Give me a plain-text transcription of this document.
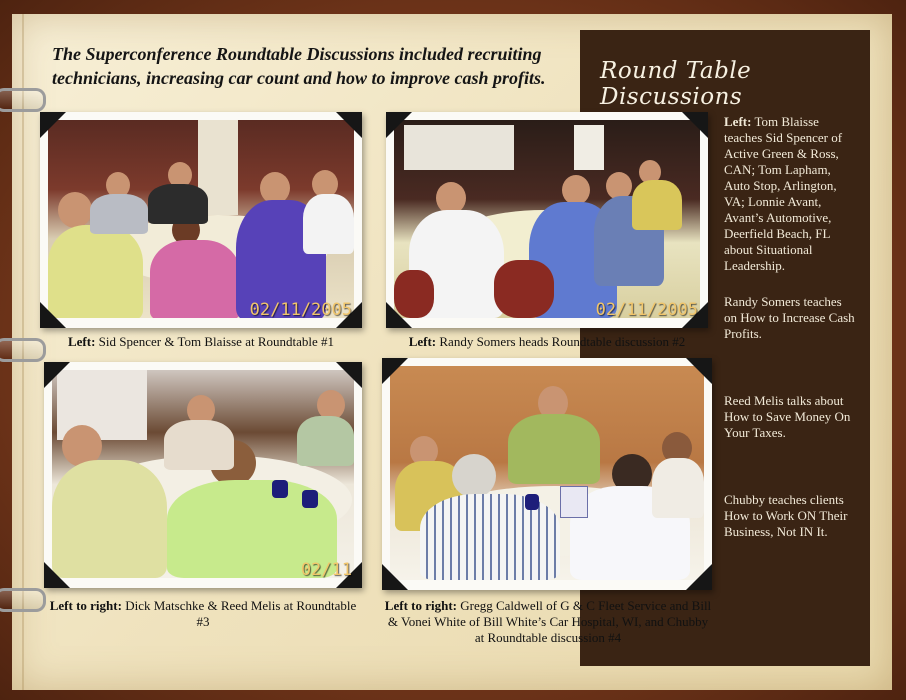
The Superconference Roundtable Discussions included recruiting
technicians, increasing car count and how to improve cash profits.	Round Table Discussions
Left: Tom Blaisse teaches Sid Spencer of Active Green & Ross, CAN; Tom Lapham, Auto Stop, Arlington, VA; Lonnie Avant, Avant’s Automotive, Deerfield Beach, FL about Situational Leadership.
Randy Somers teaches on How to Increase Cash Profits.
Reed Melis talks about How to Save Money On Your Taxes.
Chubby teaches clients How to Work ON Their Business, Not IN It.
02/11/2005
Left: Sid Spencer & Tom Blaisse at Roundtable #1
02/11/2005
Left: Randy Somers heads Roundtable discussion #2
02/11
Left to right: Dick Matschke & Reed Melis at Roundtable #3
Left to right: Gregg Caldwell of G & C Fleet Service and Bill & Vonei White of Bill White’s Car Hospital, WI, and Chubby at Roundtable discussion #4
